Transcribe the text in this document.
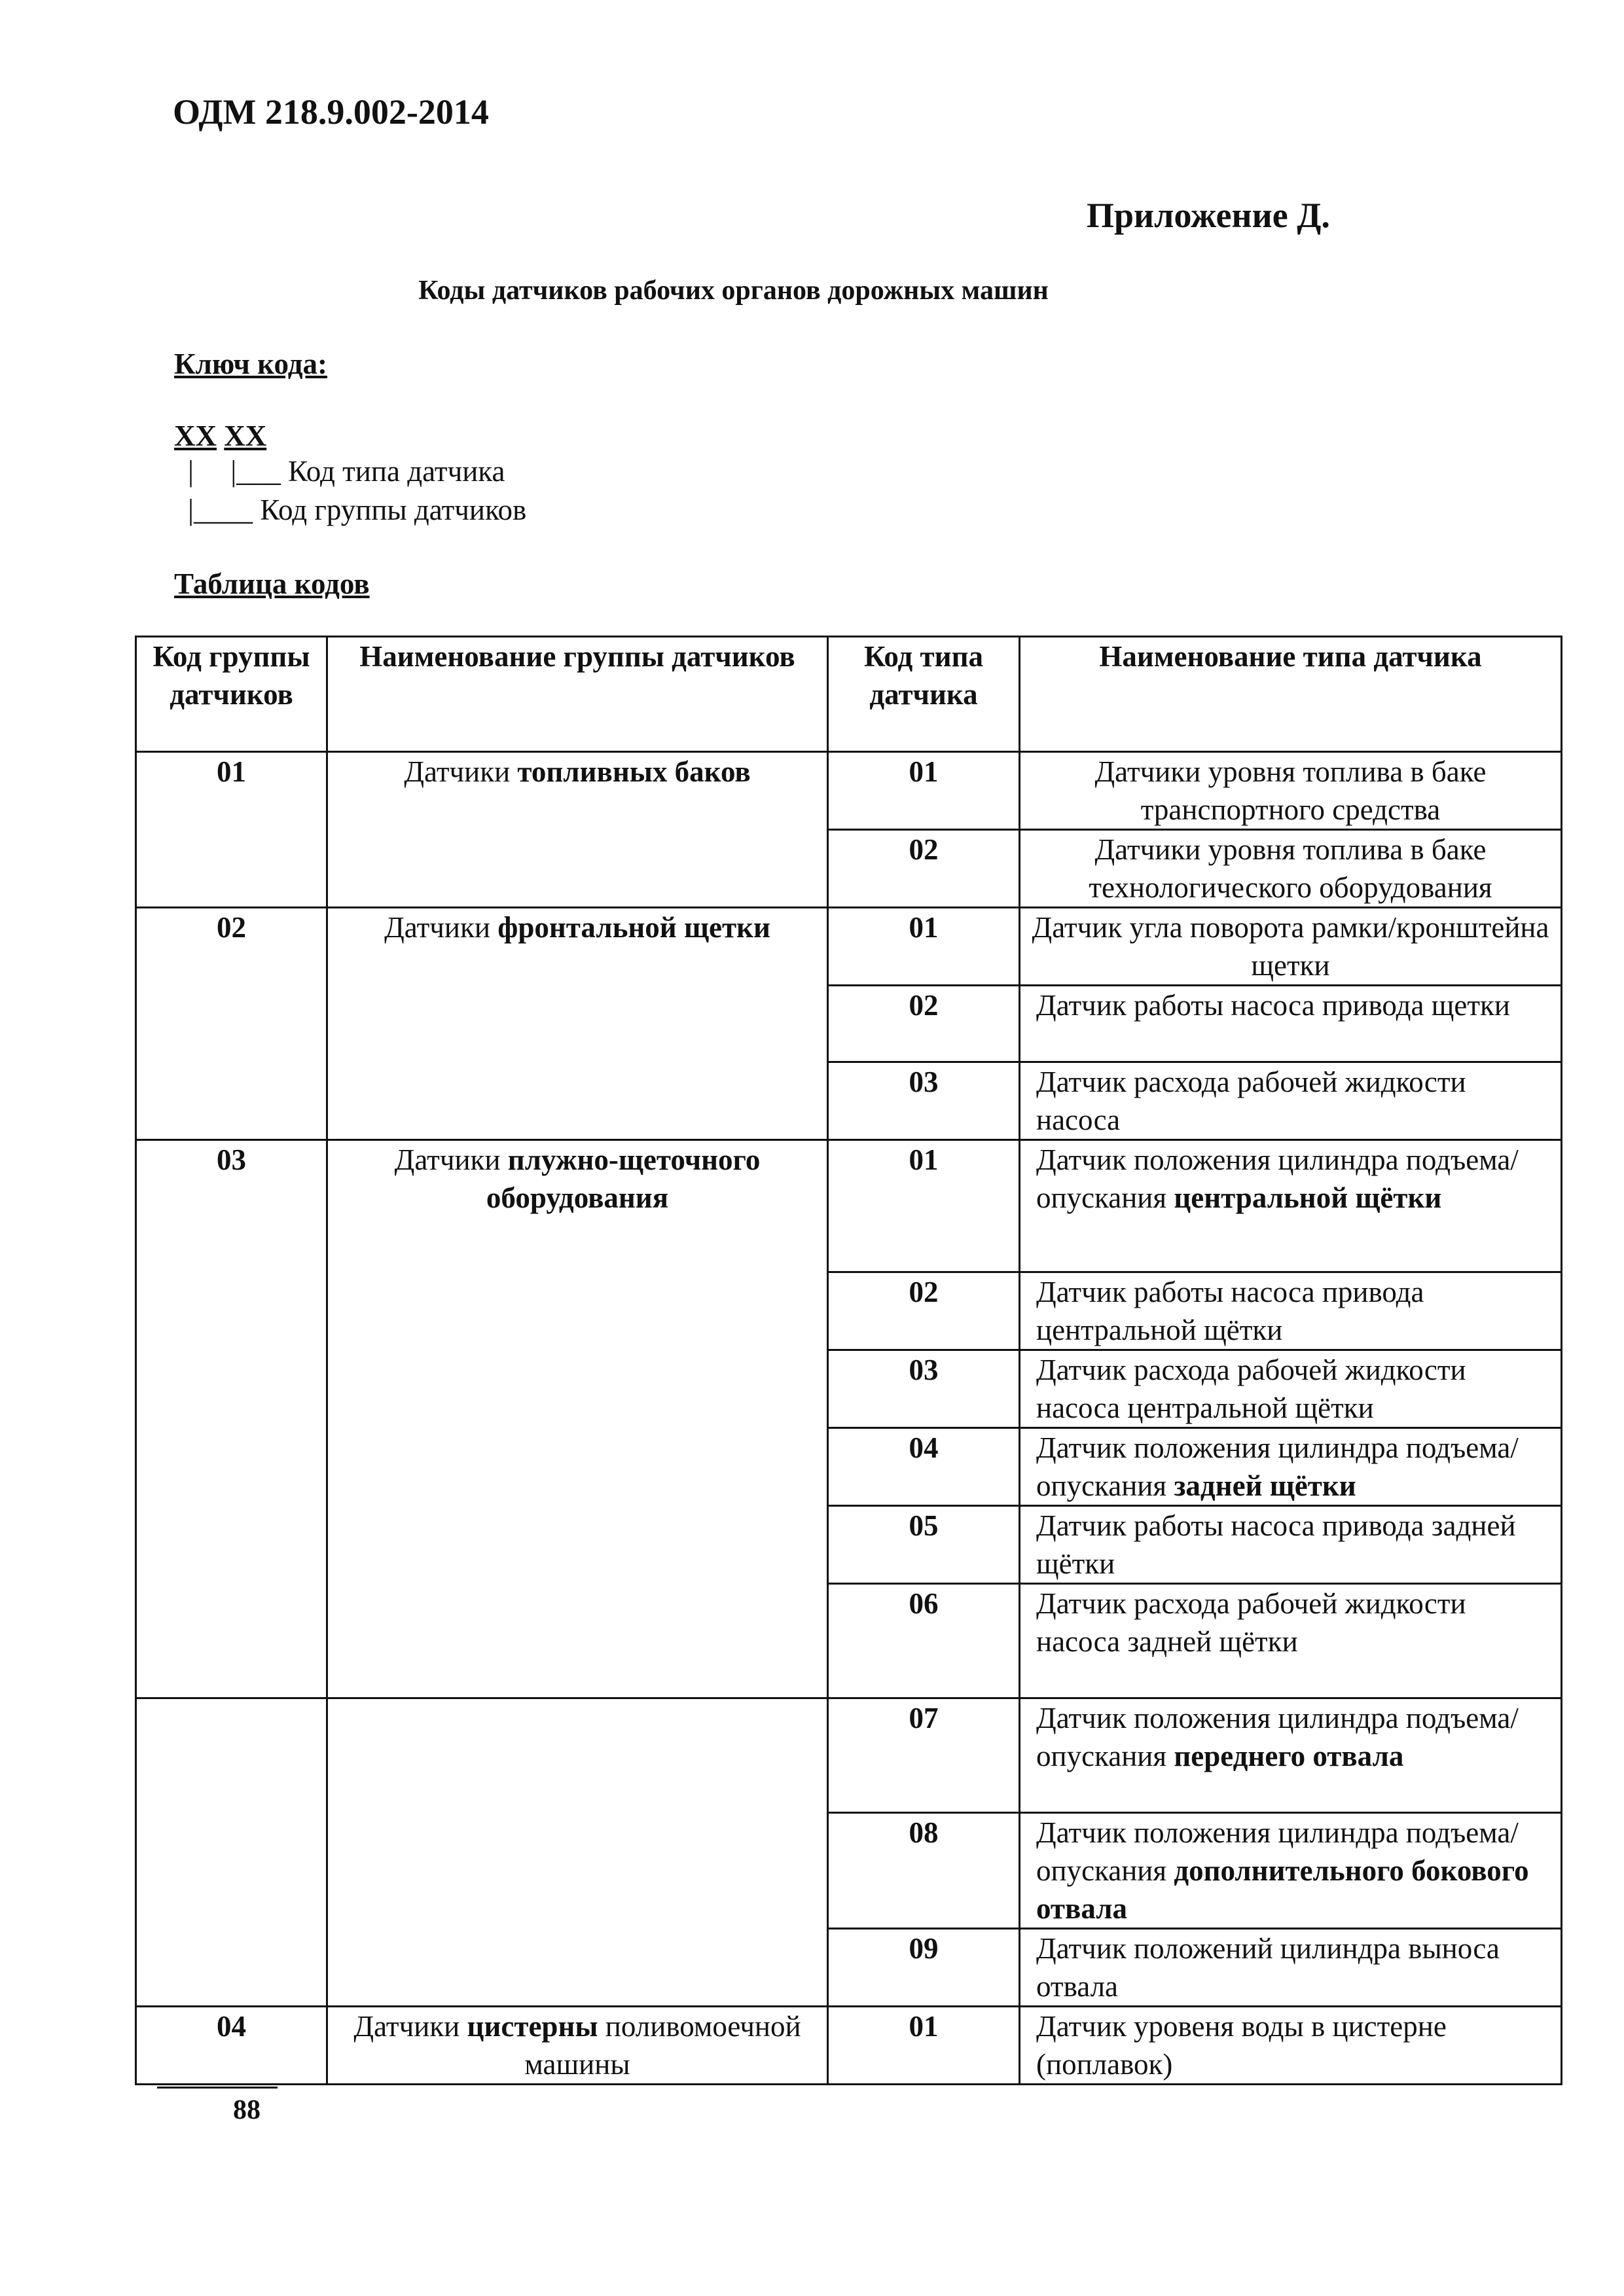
ОДМ 218.9.002-2014
Приложение Д.
Коды датчиков рабочих органов дорожных машин
Ключ кода:
XX XX
|     |___ Код типа датчика
|____ Код группы датчиков
Таблица кодов
Код группы датчиков	Наименование группы датчиков	Код типа датчика	Наименование типа датчика
01	Датчики топливных баков	01	Датчики уровня топлива в баке транспортного средства
		02	Датчики уровня топлива в баке технологического оборудования
02	Датчики фронтальной щетки	01	Датчик угла поворота рамки/кронштейна щетки
		02	Датчик работы насоса привода щетки
		03	Датчик расхода рабочей жидкости насоса
03	Датчики плужно-щеточного оборудования	01	Датчик положения цилиндра подъема/опускания центральной щётки
		02	Датчик работы насоса привода центральной щётки
		03	Датчик расхода рабочей жидкости насоса центральной щётки
		04	Датчик положения цилиндра подъема/опускания задней щётки
		05	Датчик работы насоса привода задней щётки
		06	Датчик расхода рабочей жидкости насоса задней щётки
		07	Датчик положения цилиндра подъема/опускания переднего отвала
		08	Датчик положения цилиндра подъема/опускания дополнительного бокового отвала
		09	Датчик положений цилиндра выноса отвала
04	Датчики цистерны поливомоечной машины	01	Датчик уровеня воды в цистерне (поплавок)
88
